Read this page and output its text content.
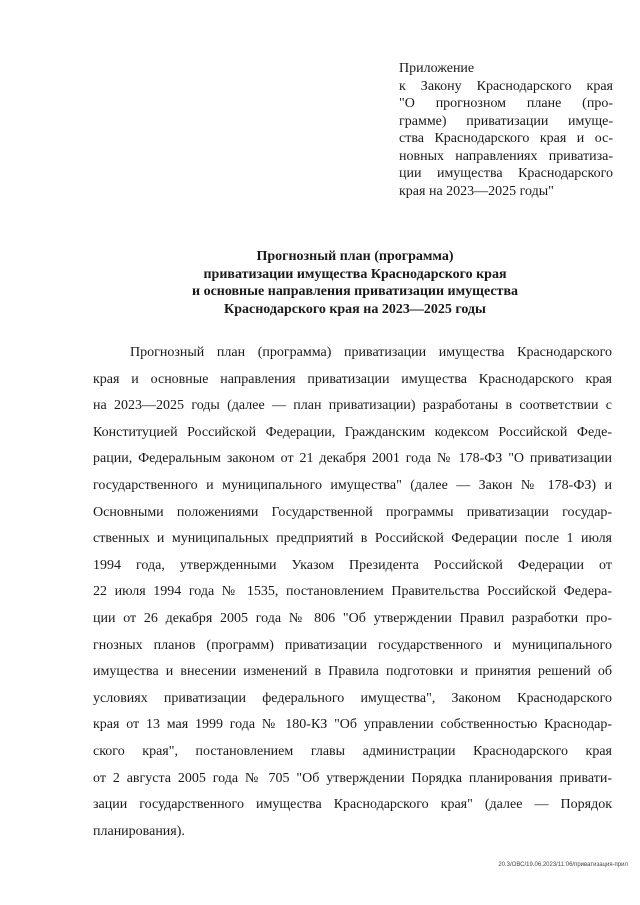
Приложение
к Закону Краснодарского края
"О прогнозном плане (про-
грамме) приватизации имуще-
ства Краснодарского края и ос-
новных направлениях приватиза-
ции имущества Краснодарского
края на 2023—2025 годы"
Прогнозный план (программа)
приватизации имущества Краснодарского края
и основные направления приватизации имущества
Краснодарского края на 2023—2025 годы
Прогнозный план (программа) приватизации имущества Краснодарского
края и основные направления приватизации имущества Краснодарского края
на 2023—2025 годы (далее — план приватизации) разработаны в соответствии с
Конституцией Российской Федерации, Гражданским кодексом Российской Феде-
рации, Федеральным законом от 21 декабря 2001 года № 178-ФЗ "О приватизации
государственного и муниципального имущества" (далее — Закон № 178-ФЗ) и
Основными положениями Государственной программы приватизации государ-
ственных и муниципальных предприятий в Российской Федерации после 1 июля
1994 года, утвержденными Указом Президента Российской Федерации от
22 июля 1994 года № 1535, постановлением Правительства Российской Федера-
ции от 26 декабря 2005 года № 806 "Об утверждении Правил разработки про-
гнозных планов (программ) приватизации государственного и муниципального
имущества и внесении изменений в Правила подготовки и принятия решений об
условиях приватизации федерального имущества", Законом Краснодарского
края от 13 мая 1999 года № 180-КЗ "Об управлении собственностью Краснодар-
ского края", постановлением главы администрации Краснодарского края
от 2 августа 2005 года № 705 "Об утверждении Порядка планирования привати-
зации государственного имущества Краснодарского края" (далее — Порядок
планирования).
20.3/ОВС/19.06.2023/11:06/приватизация-прил
